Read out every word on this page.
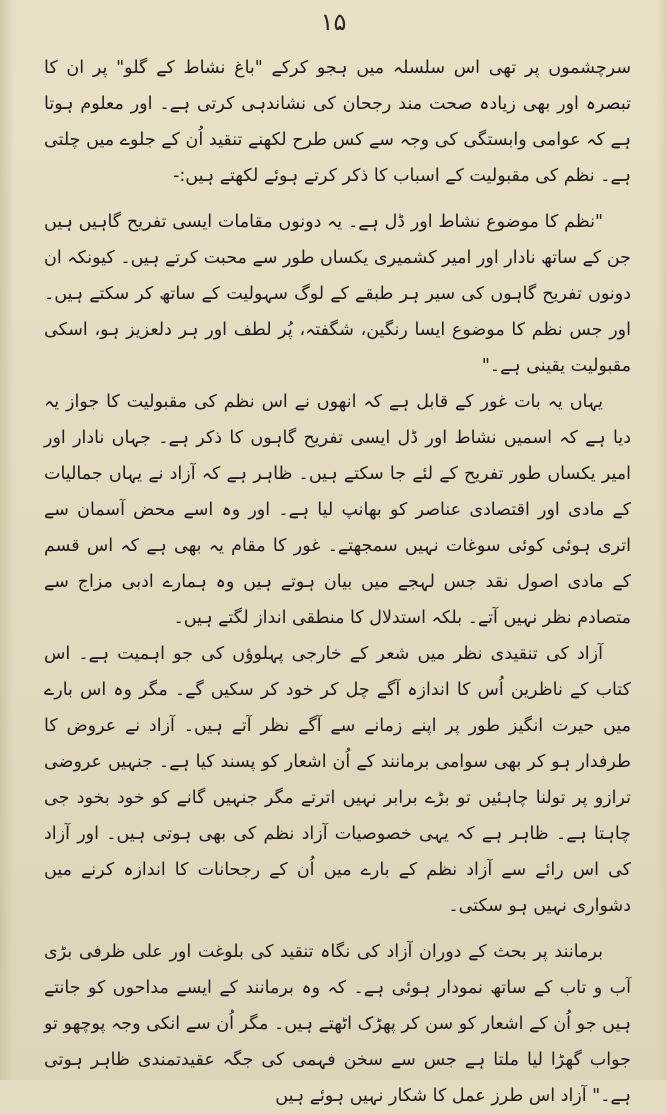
۱۵

سرچشموں پر تھی اس سلسلہ میں ہجو کرکے "باغ نشاط کے گلو" پر ان کا تبصرہ اور بھی زیادہ صحت مند رجحان کی نشاندہی کرتی ہے۔ اور معلوم ہوتا ہے کہ عوامی وابستگی کی وجہ سے کس طرح لکھنے تنقید اُن کے جلوے میں چلتی ہے۔ نظم کی مقبولیت کے اسباب کا ذکر کرتے ہوئے لکھتے ہیں:-

"نظم کا موضوع نشاط اور ڈل ہے۔ یہ دونوں مقامات ایسی تفریح گاہیں ہیں جن کے ساتھ نادار اور امیر کشمیری یکساں طور سے محبت کرتے ہیں۔ کیونکہ ان دونوں تفریح گاہوں کی سیر ہر طبقے کے لوگ سہولیت کے ساتھ کر سکتے ہیں۔ اور جس نظم کا موضوع ایسا رنگین، شگفتہ، پُر لطف اور ہر دلعزیز ہو، اسکی مقبولیت یقینی ہے۔"

یہاں یہ بات غور کے قابل ہے کہ انھوں نے اس نظم کی مقبولیت کا جواز یہ دیا ہے کہ اسمیں نشاط اور ڈل ایسی تفریح گاہوں کا ذکر ہے۔ جہاں نادار اور امیر یکساں طور تفریح کے لئے جا سکتے ہیں۔ ظاہر ہے کہ آزاد نے یہاں جمالیات کے مادی اور اقتصادی عناصر کو بھانپ لیا ہے۔ اور وہ اسے محض آسمان سے اتری ہوئی کوئی سوغات نہیں سمجھتے۔ غور کا مقام یہ بھی ہے کہ اس قسم کے مادی اصول نقد جس لہجے میں بیان ہوتے ہیں وہ ہمارے ادبی مزاج سے متصادم نظر نہیں آتے۔ بلکہ استدلال کا منطقی انداز لگتے ہیں۔

آزاد کی تنقیدی نظر میں شعر کے خارجی پہلوؤں کی جو اہمیت ہے۔ اس کتاب کے ناظرین اُس کا اندازہ آگے چل کر خود کر سکیں گے۔ مگر وہ اس بارے میں حیرت انگیز طور پر اپنے زمانے سے آگے نظر آتے ہیں۔ آزاد نے عروض کا طرفدار ہو کر بھی سوامی برمانند کے اُن اشعار کو پسند کیا ہے۔ جنہیں عروضی ترازو پر تولنا چاہئیں تو بڑے برابر نہیں اترتے مگر جنہیں گانے کو خود بخود جی چاہتا ہے۔ ظاہر ہے کہ یہی خصوصیات آزاد نظم کی بھی ہوتی ہیں۔ اور آزاد کی اس رائے سے آزاد نظم کے بارے میں اُن کے رجحانات کا اندازہ کرنے میں دشواری نہیں ہو سکتی۔

برمانند پر بحث کے دوران آزاد کی نگاہ تنقید کی بلوغت اور علی ظرفی بڑی آب و تاب کے ساتھ نمودار ہوئی ہے۔ کہ وہ برمانند کے ایسے مداحوں کو جانتے ہیں جو اُن کے اشعار کو سن کر پھڑک اٹھتے ہیں۔ مگر اُن سے انکی وجہ پوچھو تو جواب گھڑا لیا ملتا ہے جس سے سخن فہمی کی جگہ عقیدتمندی ظاہر ہوتی ہے۔" آزاد اس طرز عمل کا شکار نہیں ہوئے ہیں
